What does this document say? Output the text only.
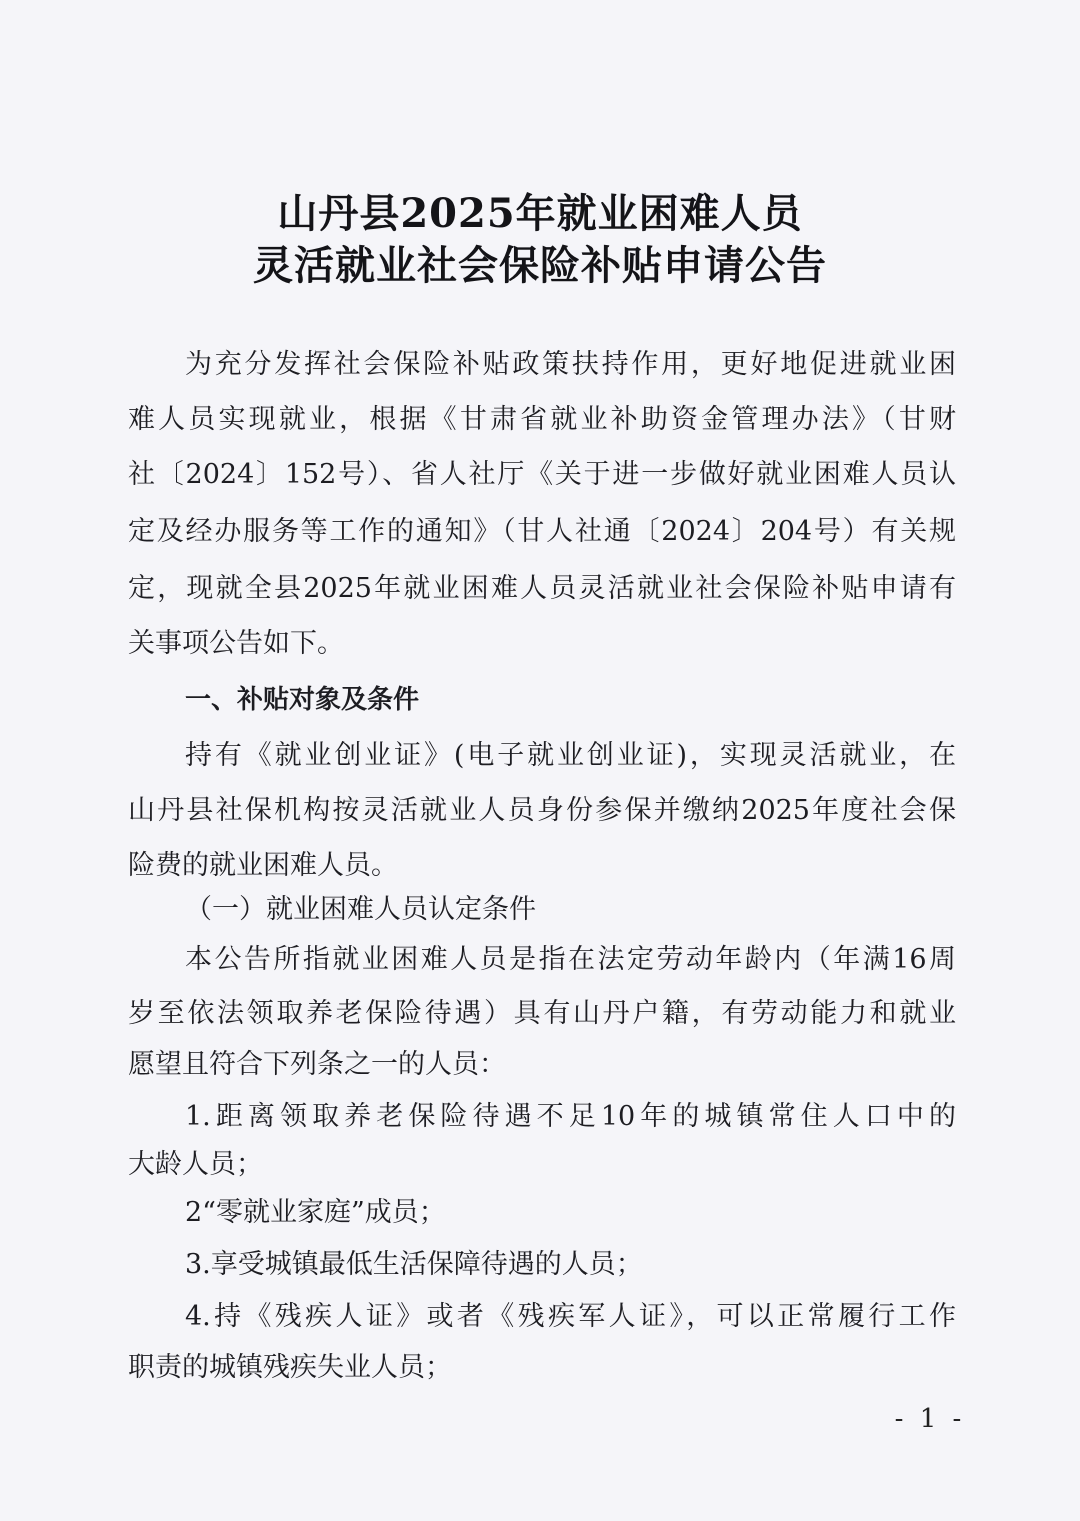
山丹县2025年就业困难人员
灵活就业社会保险补贴申请公告
为充分发挥社会保险补贴政策扶持作用，更好地促进就业困
难人员实现就业，根据《甘肃省就业补助资金管理办法》（甘财
社〔2024〕152号）、省人社厅《关于进一步做好就业困难人员认
定及经办服务等工作的通知》（甘人社通〔2024〕204号）有关规
定，现就全县2025年就业困难人员灵活就业社会保险补贴申请有
关事项公告如下。
一、补贴对象及条件
持有《就业创业证》(电子就业创业证)，实现灵活就业，在
山丹县社保机构按灵活就业人员身份参保并缴纳2025年度社会保
险费的就业困难人员。
（一）就业困难人员认定条件
本公告所指就业困难人员是指在法定劳动年龄内（年满16周
岁至依法领取养老保险待遇）具有山丹户籍，有劳动能力和就业
愿望且符合下列条之一的人员：
1.距离领取养老保险待遇不足10年的城镇常住人口中的
大龄人员；
2“零就业家庭”成员；
3.享受城镇最低生活保障待遇的人员；
4.持《残疾人证》或者《残疾军人证》，可以正常履行工作
职责的城镇残疾失业人员；
- 1 -
